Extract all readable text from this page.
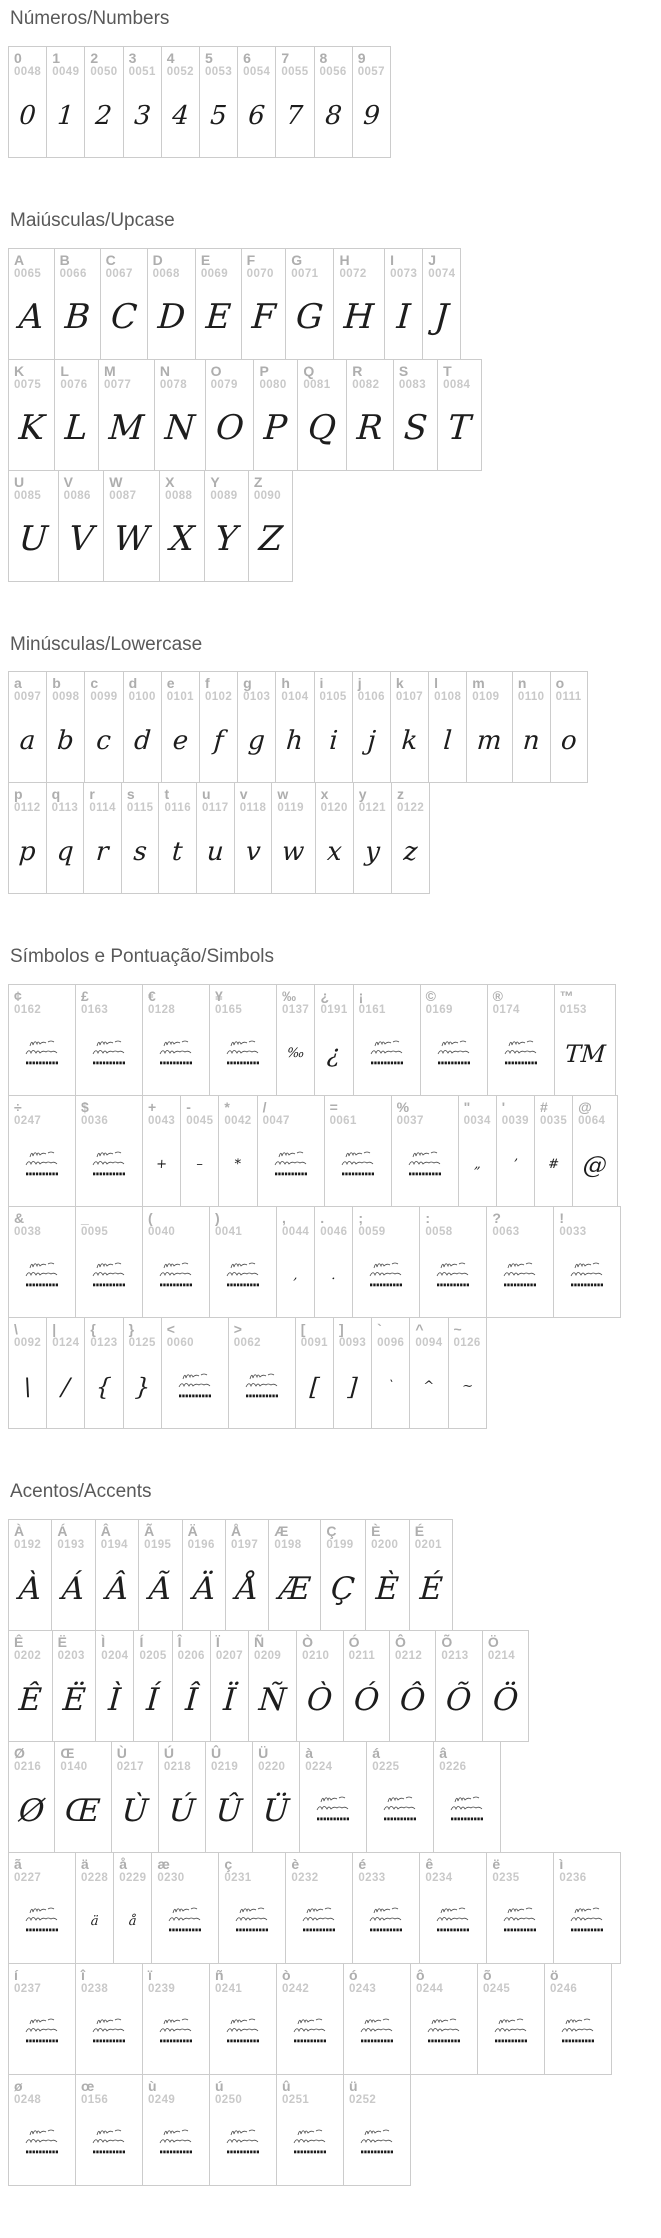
Números/Numbers
0
0048
0
1
0049
1
2
0050
2
3
0051
3
4
0052
4
5
0053
5
6
0054
6
7
0055
7
8
0056
8
9
0057
9
Maiúsculas/Upcase
A
0065
A
B
0066
B
C
0067
C
D
0068
D
E
0069
E
F
0070
F
G
0071
G
H
0072
H
I
0073
I
J
0074
J
K
0075
K
L
0076
L
M
0077
M
N
0078
N
O
0079
O
P
0080
P
Q
0081
Q
R
0082
R
S
0083
S
T
0084
T
U
0085
U
V
0086
V
W
0087
W
X
0088
X
Y
0089
Y
Z
0090
Z
Minúsculas/Lowercase
a
0097
a
b
0098
b
c
0099
c
d
0100
d
e
0101
e
f
0102
f
g
0103
g
h
0104
h
i
0105
i
j
0106
j
k
0107
k
l
0108
l
m
0109
m
n
0110
n
o
0111
o
p
0112
p
q
0113
q
r
0114
r
s
0115
s
t
0116
t
u
0117
u
v
0118
v
w
0119
w
x
0120
x
y
0121
y
z
0122
z
Símbolos e Pontuação/Simbols
¢
0162
£
0163
€
0128
¥
0165
‰
0137
‰
¿
0191
¿
¡
0161
©
0169
®
0174
™
0153
TM
÷
0247
$
0036
+
0043
+
-
0045
–
*
0042
*
/
0047
=
0061
%
0037
"
0034
„
'
0039
’
#
0035
#
@
0064
@
&
0038
_
0095
(
0040
)
0041
,
0044
,
.
0046
.
;
0059
:
0058
?
0063
!
0033
\
0092
\
|
0124
/
{
0123
{
}
0125
}
<
0060
>
0062
[
0091
[
]
0093
]
`
0096
`
^
0094
^
~
0126
~
Acentos/Accents
À
0192
À
Á
0193
Á
Â
0194
Â
Ã
0195
Ã
Ä
0196
Ä
Å
0197
Å
Æ
0198
Æ
Ç
0199
Ç
È
0200
È
É
0201
É
Ê
0202
Ê
Ë
0203
Ë
Ì
0204
Ì
Í
0205
Í
Î
0206
Î
Ï
0207
Ï
Ñ
0209
Ñ
Ò
0210
Ò
Ó
0211
Ó
Ô
0212
Ô
Õ
0213
Õ
Ö
0214
Ö
Ø
0216
Ø
Œ
0140
Œ
Ù
0217
Ù
Ú
0218
Ú
Û
0219
Û
Ü
0220
Ü
à
0224
á
0225
â
0226
ã
0227
ä
0228
ä
å
0229
å
æ
0230
ç
0231
è
0232
é
0233
ê
0234
ë
0235
ì
0236
í
0237
î
0238
ï
0239
ñ
0241
ò
0242
ó
0243
ô
0244
õ
0245
ö
0246
ø
0248
œ
0156
ù
0249
ú
0250
û
0251
ü
0252
